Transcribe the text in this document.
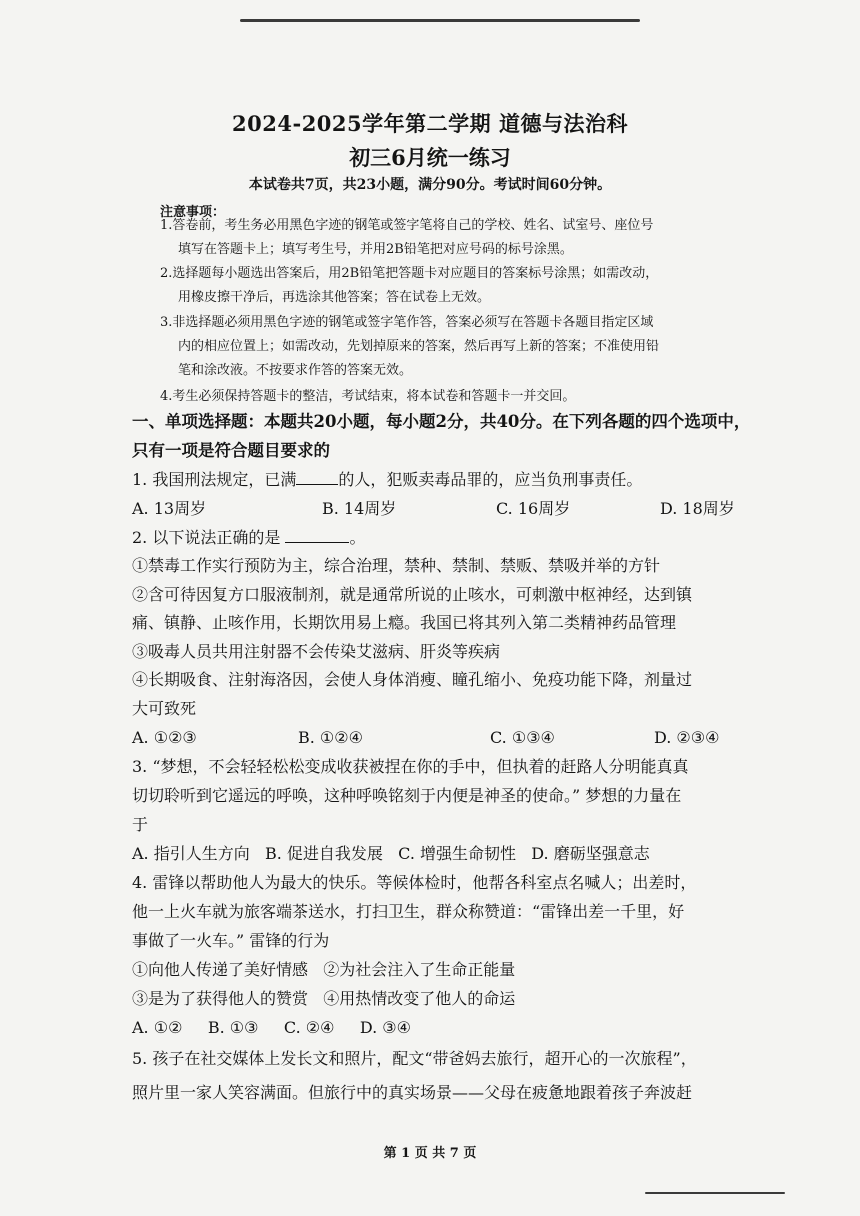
2024-2025学年第二学期 道德与法治科
初三6月统一练习
本试卷共7页，共23小题，满分90分。考试时间60分钟。
注意事项：
1.答卷前，考生务必用黑色字迹的钢笔或签字笔将自己的学校、姓名、试室号、座位号
填写在答题卡上；填写考生号，并用2B铅笔把对应号码的标号涂黑。
2.选择题每小题选出答案后，用2B铅笔把答题卡对应题目的答案标号涂黑；如需改动，
用橡皮擦干净后，再选涂其他答案；答在试卷上无效。
3.非选择题必须用黑色字迹的钢笔或签字笔作答，答案必须写在答题卡各题目指定区域
内的相应位置上；如需改动，先划掉原来的答案，然后再写上新的答案；不准使用铅
笔和涂改液。不按要求作答的答案无效。
4.考生必须保持答题卡的整洁，考试结束，将本试卷和答题卡一并交回。
一、单项选择题：本题共20小题，每小题2分，共40分。在下列各题的四个选项中，
只有一项是符合题目要求的
1. 我国刑法规定，已满	的人，犯贩卖毒品罪的，应当负刑事责任。
A. 13周岁	B. 14周岁	C. 16周岁	D. 18周岁
2. 以下说法正确的是	。
①禁毒工作实行预防为主，综合治理，禁种、禁制、禁贩、禁吸并举的方针
②含可待因复方口服液制剂，就是通常所说的止咳水，可刺激中枢神经，达到镇
痛、镇静、止咳作用，长期饮用易上瘾。我国已将其列入第二类精神药品管理
③吸毒人员共用注射器不会传染艾滋病、肝炎等疾病
④长期吸食、注射海洛因，会使人身体消瘦、瞳孔缩小、免疫功能下降，剂量过
大可致死
A. ①②③	B. ①②④	C. ①③④	D. ②③④
3. “梦想，不会轻轻松松变成收获被捏在你的手中，但执着的赶路人分明能真真
切切聆听到它遥远的呼唤，这种呼唤铭刻于内便是神圣的使命。” 梦想的力量在
于
A. 指引人生方向   B. 促进自我发展   C. 增强生命韧性   D. 磨砺坚强意志
4. 雷锋以帮助他人为最大的快乐。等候体检时，他帮各科室点名喊人；出差时，
他一上火车就为旅客端茶送水，打扫卫生，群众称赞道：“雷锋出差一千里，好
事做了一火车。” 雷锋的行为
①向他人传递了美好情感   ②为社会注入了生命正能量
③是为了获得他人的赞赏   ④用热情改变了他人的命运
A. ①②     B. ①③     C. ②④     D. ③④
5. 孩子在社交媒体上发长文和照片，配文“带爸妈去旅行，超开心的一次旅程”，
照片里一家人笑容满面。但旅行中的真实场景——父母在疲惫地跟着孩子奔波赶
第 1 页 共 7 页
